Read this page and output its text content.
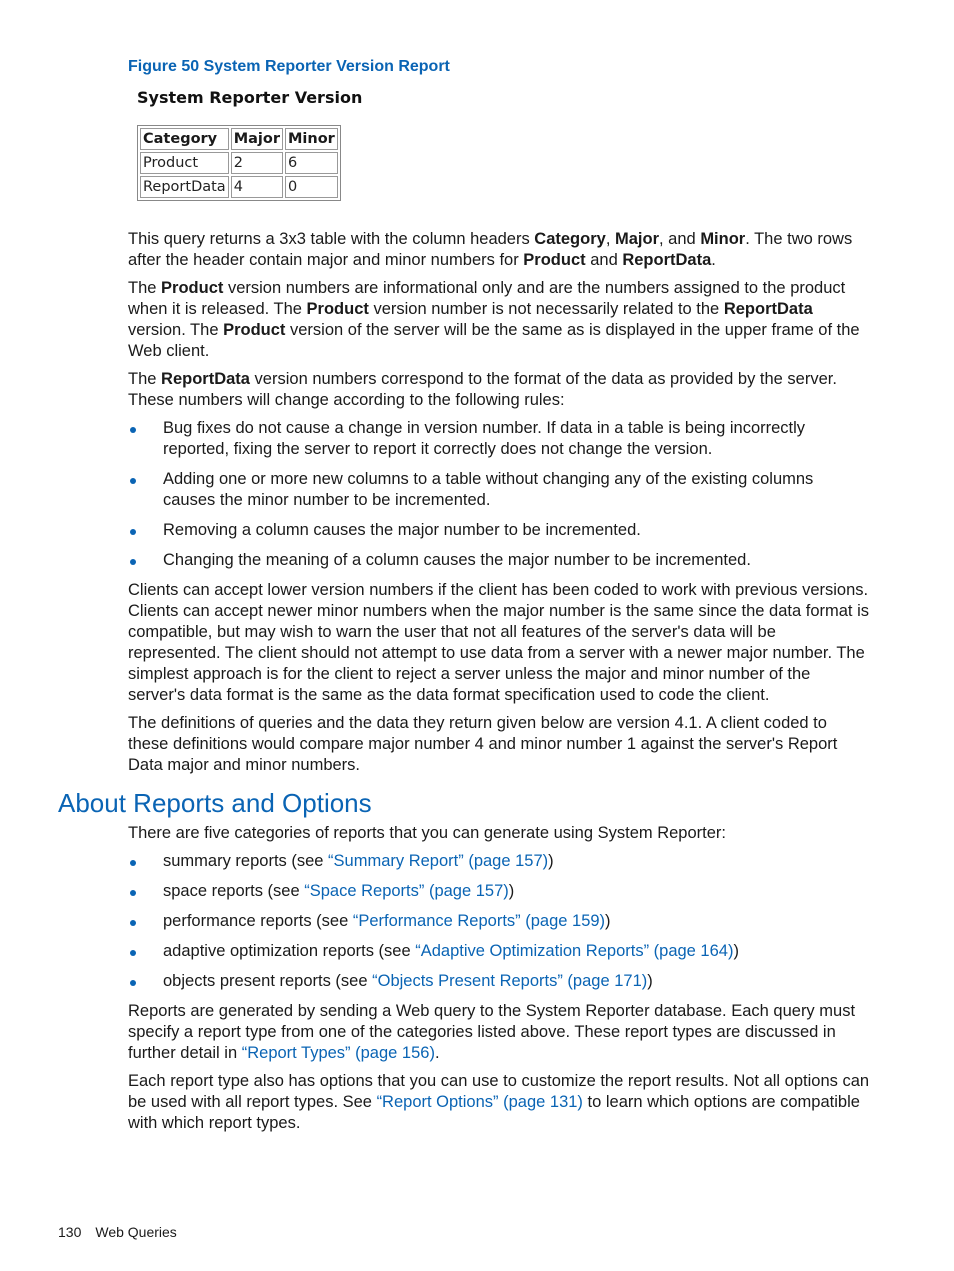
Figure 50 System Reporter Version Report
System Reporter Version
Category	Major	Minor
Product	2	6
ReportData	4	0

This query returns a 3x3 table with the column headers Category, Major, and Minor. The two rows after the header contain major and minor numbers for Product and ReportData.

The Product version numbers are informational only and are the numbers assigned to the product when it is released. The Product version number is not necessarily related to the ReportData version. The Product version of the server will be the same as is displayed in the upper frame of the Web client.

The ReportData version numbers correspond to the format of the data as provided by the server. These numbers will change according to the following rules:

Bug fixes do not cause a change in version number. If data in a table is being incorrectly reported, fixing the server to report it correctly does not change the version.
Adding one or more new columns to a table without changing any of the existing columns causes the minor number to be incremented.
Removing a column causes the major number to be incremented.
Changing the meaning of a column causes the major number to be incremented.

Clients can accept lower version numbers if the client has been coded to work with previous versions. Clients can accept newer minor numbers when the major number is the same since the data format is compatible, but may wish to warn the user that not all features of the server's data will be represented. The client should not attempt to use data from a server with a newer major number. The simplest approach is for the client to reject a server unless the major and minor number of the server's data format is the same as the data format specification used to code the client.

The definitions of queries and the data they return given below are version 4.1. A client coded to these definitions would compare major number 4 and minor number 1 against the server's Report Data major and minor numbers.

About Reports and Options

There are five categories of reports that you can generate using System Reporter:

summary reports (see “Summary Report” (page 157))
space reports (see “Space Reports” (page 157))
performance reports (see “Performance Reports” (page 159))
adaptive optimization reports (see “Adaptive Optimization Reports” (page 164))
objects present reports (see “Objects Present Reports” (page 171))

Reports are generated by sending a Web query to the System Reporter database. Each query must specify a report type from one of the categories listed above. These report types are discussed in further detail in “Report Types” (page 156).

Each report type also has options that you can use to customize the report results. Not all options can be used with all report types. See “Report Options” (page 131) to learn which options are compatible with which report types.

130 Web Queries
